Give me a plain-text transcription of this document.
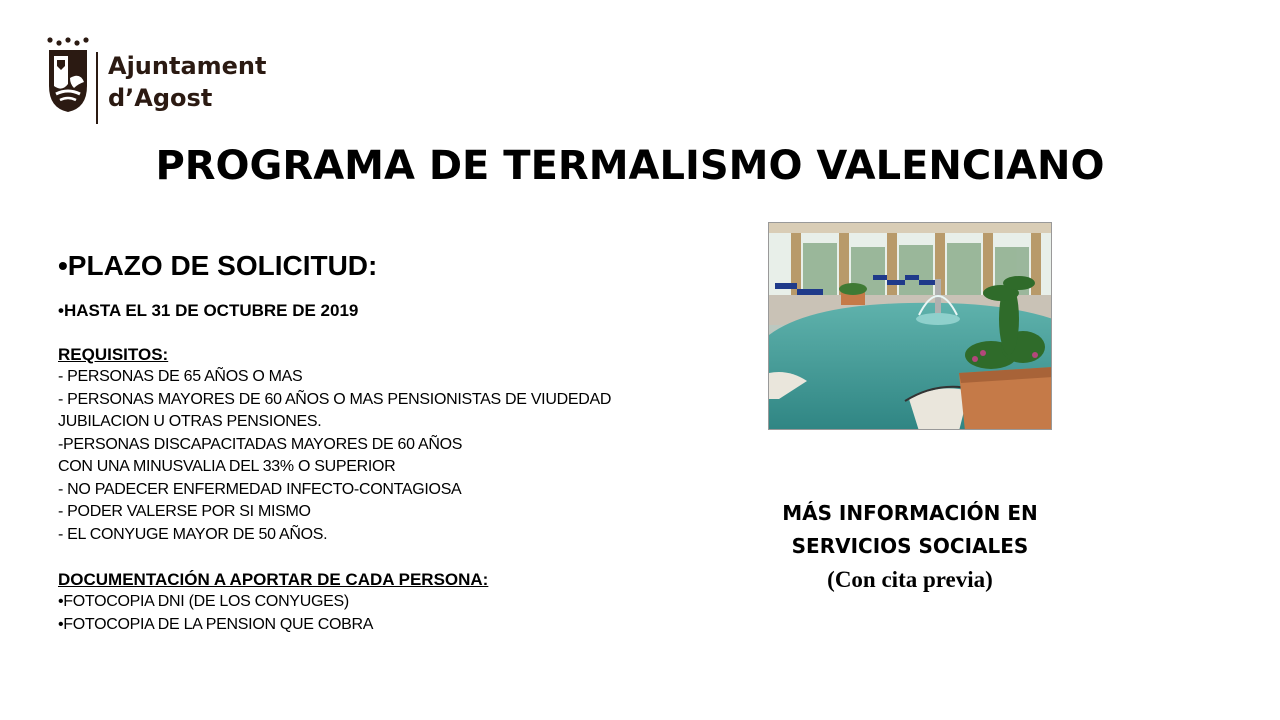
Ajuntament
d’Agost
PROGRAMA DE TERMALISMO VALENCIANO

•PLAZO DE SOLICITUD:

•HASTA EL 31 DE OCTUBRE DE 2019

REQUISITOS:

- PERSONAS DE 65 AÑOS O MAS
- PERSONAS MAYORES DE 60 AÑOS O MAS PENSIONISTAS DE VIUDEDAD
JUBILACION U OTRAS PENSIONES.
-PERSONAS DISCAPACITADAS MAYORES DE 60 AÑOS
CON UNA MINUSVALIA DEL 33% O SUPERIOR
- NO PADECER ENFERMEDAD INFECTO-CONTAGIOSA
- PODER VALERSE POR SI MISMO
- EL CONYUGE MAYOR DE 50 AÑOS.

DOCUMENTACIÓN A APORTAR DE CADA PERSONA:

•FOTOCOPIA DNI (DE LOS CONYUGES)
•FOTOCOPIA DE LA PENSION QUE COBRA
MÁS INFORMACIÓN EN
SERVICIOS SOCIALES
(Con cita previa)
